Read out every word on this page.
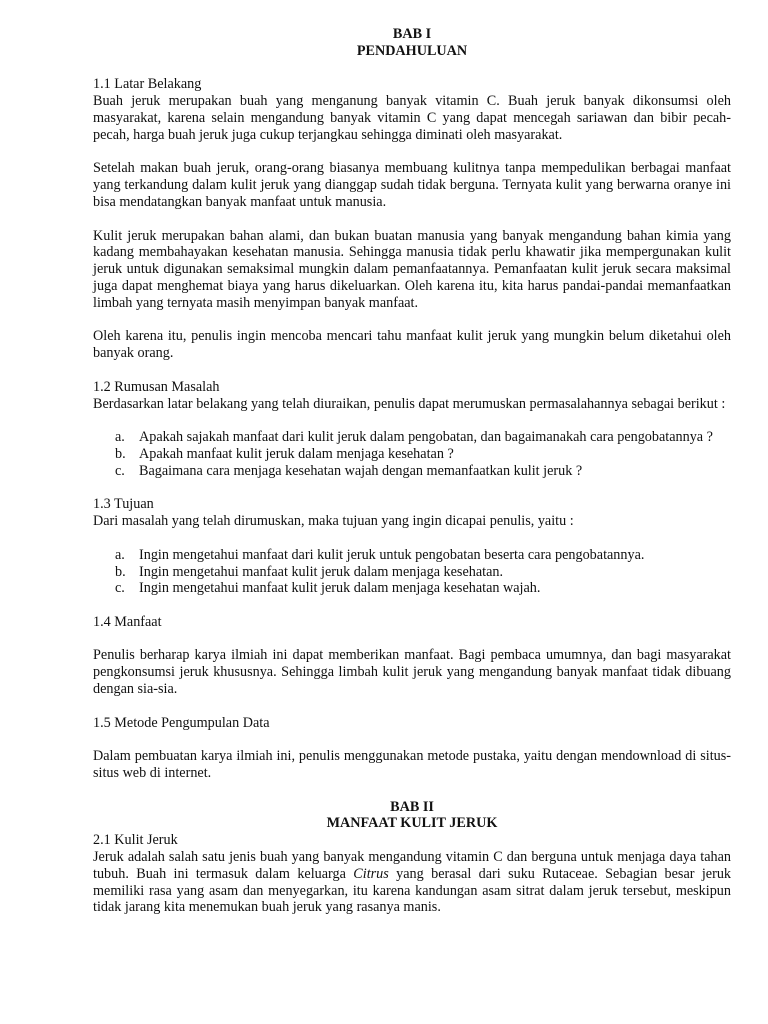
BAB I
PENDAHULUAN
1.1 Latar Belakang

Buah jeruk merupakan buah yang menganung banyak vitamin C. Buah jeruk banyak dikonsumsi oleh masyarakat, karena selain mengandung banyak vitamin C yang dapat mencegah sariawan dan bibir pecah-pecah, harga buah jeruk juga cukup terjangkau sehingga diminati oleh masyarakat.

Setelah makan buah jeruk, orang-orang biasanya membuang kulitnya tanpa mempedulikan berbagai manfaat yang terkandung dalam kulit jeruk yang dianggap sudah tidak berguna. Ternyata kulit yang berwarna oranye ini bisa mendatangkan banyak manfaat untuk manusia.

Kulit jeruk merupakan bahan alami, dan bukan buatan manusia yang banyak mengandung bahan kimia yang kadang membahayakan kesehatan manusia. Sehingga manusia tidak perlu khawatir jika mempergunakan kulit jeruk untuk digunakan semaksimal mungkin dalam pemanfaatannya. Pemanfaatan kulit jeruk secara maksimal juga dapat menghemat biaya yang harus dikeluarkan. Oleh karena itu, kita harus pandai-pandai memanfaatkan limbah yang ternyata masih menyimpan banyak manfaat.

Oleh karena itu, penulis ingin mencoba mencari tahu manfaat kulit jeruk yang mungkin belum diketahui oleh banyak orang.

1.2 Rumusan Masalah

Berdasarkan latar belakang yang telah diuraikan, penulis dapat merumuskan permasalahannya sebagai berikut :

a. Apakah sajakah manfaat dari kulit jeruk dalam pengobatan, dan bagaimanakah cara pengobatannya ?
b. Apakah manfaat kulit jeruk dalam menjaga kesehatan ?
c. Bagaimana cara menjaga kesehatan wajah dengan memanfaatkan kulit jeruk ?
1.3 Tujuan

Dari masalah yang telah dirumuskan, maka tujuan yang ingin dicapai penulis, yaitu :

a. Ingin mengetahui manfaat dari kulit jeruk untuk pengobatan beserta cara pengobatannya.
b. Ingin mengetahui manfaat kulit jeruk dalam menjaga kesehatan.
c. Ingin mengetahui manfaat kulit jeruk dalam menjaga kesehatan wajah.
1.4 Manfaat

Penulis berharap karya ilmiah ini dapat memberikan manfaat. Bagi pembaca umumnya, dan bagi masyarakat pengkonsumsi jeruk khususnya. Sehingga limbah kulit jeruk yang mengandung banyak manfaat tidak dibuang dengan sia-sia.

1.5 Metode Pengumpulan Data

Dalam pembuatan karya ilmiah ini, penulis menggunakan metode pustaka, yaitu dengan mendownload di situs-situs web di internet.

BAB II
MANFAAT KULIT JERUK
2.1 Kulit Jeruk

Jeruk adalah salah satu jenis buah yang banyak mengandung vitamin C dan berguna untuk menjaga daya tahan tubuh. Buah ini termasuk dalam keluarga Citrus yang berasal dari suku Rutaceae. Sebagian besar jeruk memiliki rasa yang asam dan menyegarkan, itu karena kandungan asam sitrat dalam jeruk tersebut, meskipun tidak jarang kita menemukan buah jeruk yang rasanya manis.
